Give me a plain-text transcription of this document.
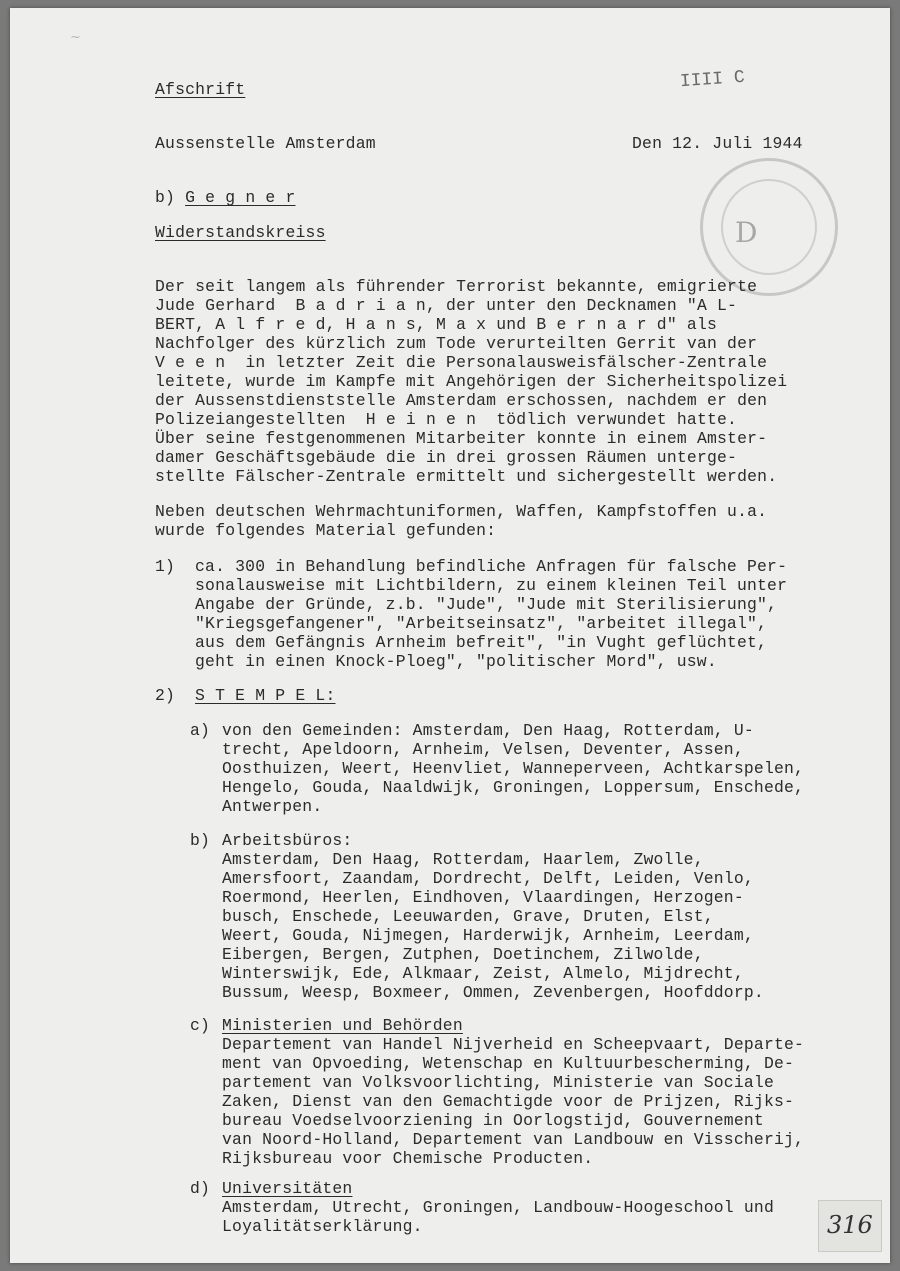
~
IIII C
D
Afschrift
Aussenstelle Amsterdam	Den 12. Juli 1944
b) G e g n e r
Widerstandskreiss
Der seit langem als führender Terrorist bekannte, emigrierte
Jude Gerhard  B a d r i a n, der unter den Decknamen "A L-
BERT, A l f r e d, H a n s, M a x und B e r n a r d" als
Nachfolger des kürzlich zum Tode verurteilten Gerrit van der
V e e n  in letzter Zeit die Personalausweisfälscher-Zentrale
leitete, wurde im Kampfe mit Angehörigen der Sicherheitspolizei
der Aussenstdienststelle Amsterdam erschossen, nachdem er den
Polizeiangestellten  H e i n e n  tödlich verwundet hatte.
Über seine festgenommenen Mitarbeiter konnte in einem Amster-
damer Geschäftsgebäude die in drei grossen Räumen unterge-
stellte Fälscher-Zentrale ermittelt und sichergestellt werden.
Neben deutschen Wehrmachtuniformen, Waffen, Kampfstoffen u.a.
wurde folgendes Material gefunden:
1) ca. 300 in Behandlung befindliche Anfragen für falsche Per-
sonalausweise mit Lichtbildern, zu einem kleinen Teil unter
Angabe der Gründe, z.b. "Jude", "Jude mit Sterilisierung",
"Kriegsgefangener", "Arbeitseinsatz", "arbeitet illegal",
aus dem Gefängnis Arnheim befreit", "in Vught geflüchtet,
geht in einen Knock-Ploeg", "politischer Mord", usw.
2) S T E M P E L:
a) von den Gemeinden: Amsterdam, Den Haag, Rotterdam, U-
trecht, Apeldoorn, Arnheim, Velsen, Deventer, Assen,
Oosthuizen, Weert, Heenvliet, Wanneperveen, Achtkarspelen,
Hengelo, Gouda, Naaldwijk, Groningen, Loppersum, Enschede,
Antwerpen.
b) Arbeitsbüros:
Amsterdam, Den Haag, Rotterdam, Haarlem, Zwolle,
Amersfoort, Zaandam, Dordrecht, Delft, Leiden, Venlo,
Roermond, Heerlen, Eindhoven, Vlaardingen, Herzogen-
busch, Enschede, Leeuwarden, Grave, Druten, Elst,
Weert, Gouda, Nijmegen, Harderwijk, Arnheim, Leerdam,
Eibergen, Bergen, Zutphen, Doetinchem, Zilwolde,
Winterswijk, Ede, Alkmaar, Zeist, Almelo, Mijdrecht,
Bussum, Weesp, Boxmeer, Ommen, Zevenbergen, Hoofddorp.
c) Ministerien und Behörden
Departement van Handel Nijverheid en Scheepvaart, Departe-
ment van Opvoeding, Wetenschap en Kultuurbescherming, De-
partement van Volksvoorlichting, Ministerie van Sociale
Zaken, Dienst van den Gemachtigde voor de Prijzen, Rijks-
bureau Voedselvoorziening in Oorlogstijd, Gouvernement
van Noord-Holland, Departement van Landbouw en Visscherij,
Rijksbureau voor Chemische Producten.
d) Universitäten
Amsterdam, Utrecht, Groningen, Landbouw-Hoogeschool und
Loyalitätserklärung.	316
